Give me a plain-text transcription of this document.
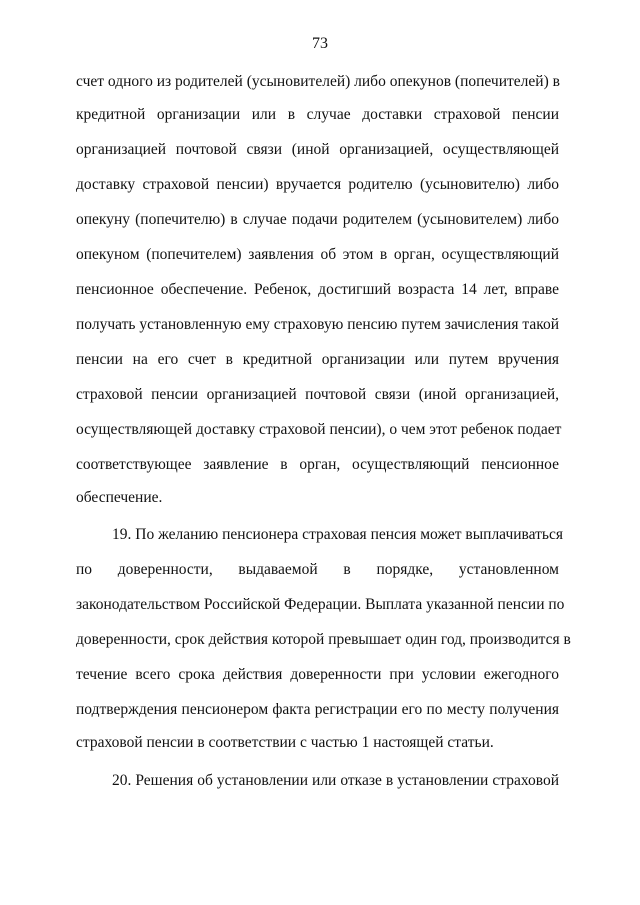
73
счет одного из родителей (усыновителей) либо опекунов (попечителей) в
кредитной организации или в случае доставки страховой пенсии
организацией почтовой связи (иной организацией, осуществляющей
доставку страховой пенсии) вручается родителю (усыновителю) либо
опекуну (попечителю) в случае подачи родителем (усыновителем) либо
опекуном (попечителем) заявления об этом в орган, осуществляющий
пенсионное обеспечение. Ребенок, достигший возраста 14 лет, вправе
получать установленную ему страховую пенсию путем зачисления такой
пенсии на его счет в кредитной организации или путем вручения
страховой пенсии организацией почтовой связи (иной организацией,
осуществляющей доставку страховой пенсии), о чем этот ребенок подает
соответствующее заявление в орган, осуществляющий пенсионное
обеспечение.
19. По желанию пенсионера страховая пенсия может выплачиваться
по доверенности, выдаваемой в порядке, установленном
законодательством Российской Федерации. Выплата указанной пенсии по
доверенности, срок действия которой превышает один год, производится в
течение всего срока действия доверенности при условии ежегодного
подтверждения пенсионером факта регистрации его по месту получения
страховой пенсии в соответствии с частью 1 настоящей статьи.
20. Решения об установлении или отказе в установлении страховой
